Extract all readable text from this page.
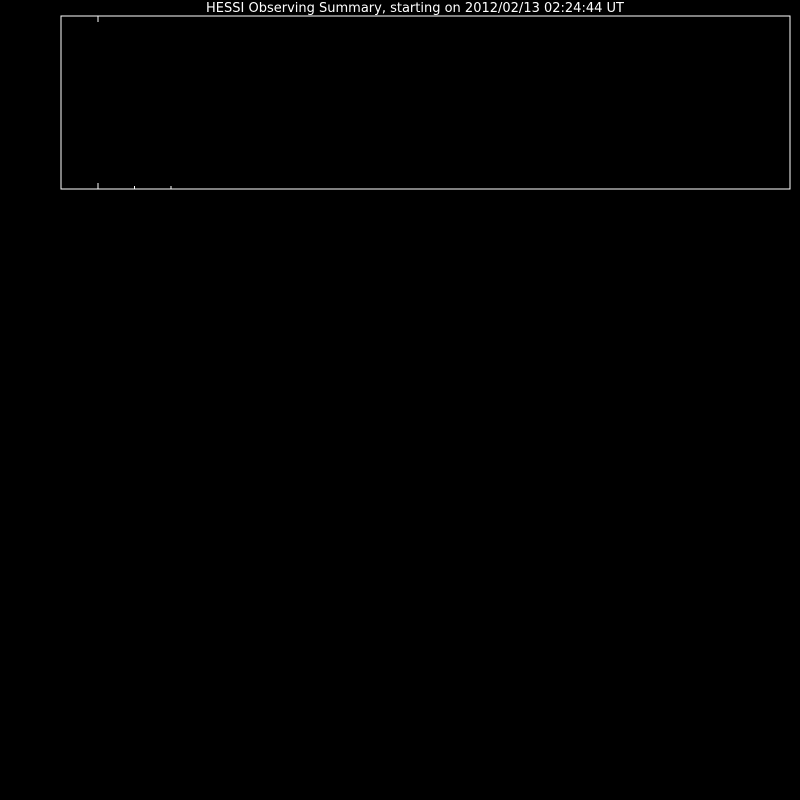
HESSI Observing Summary, starting on 2012/02/13 02:24:44 UT
